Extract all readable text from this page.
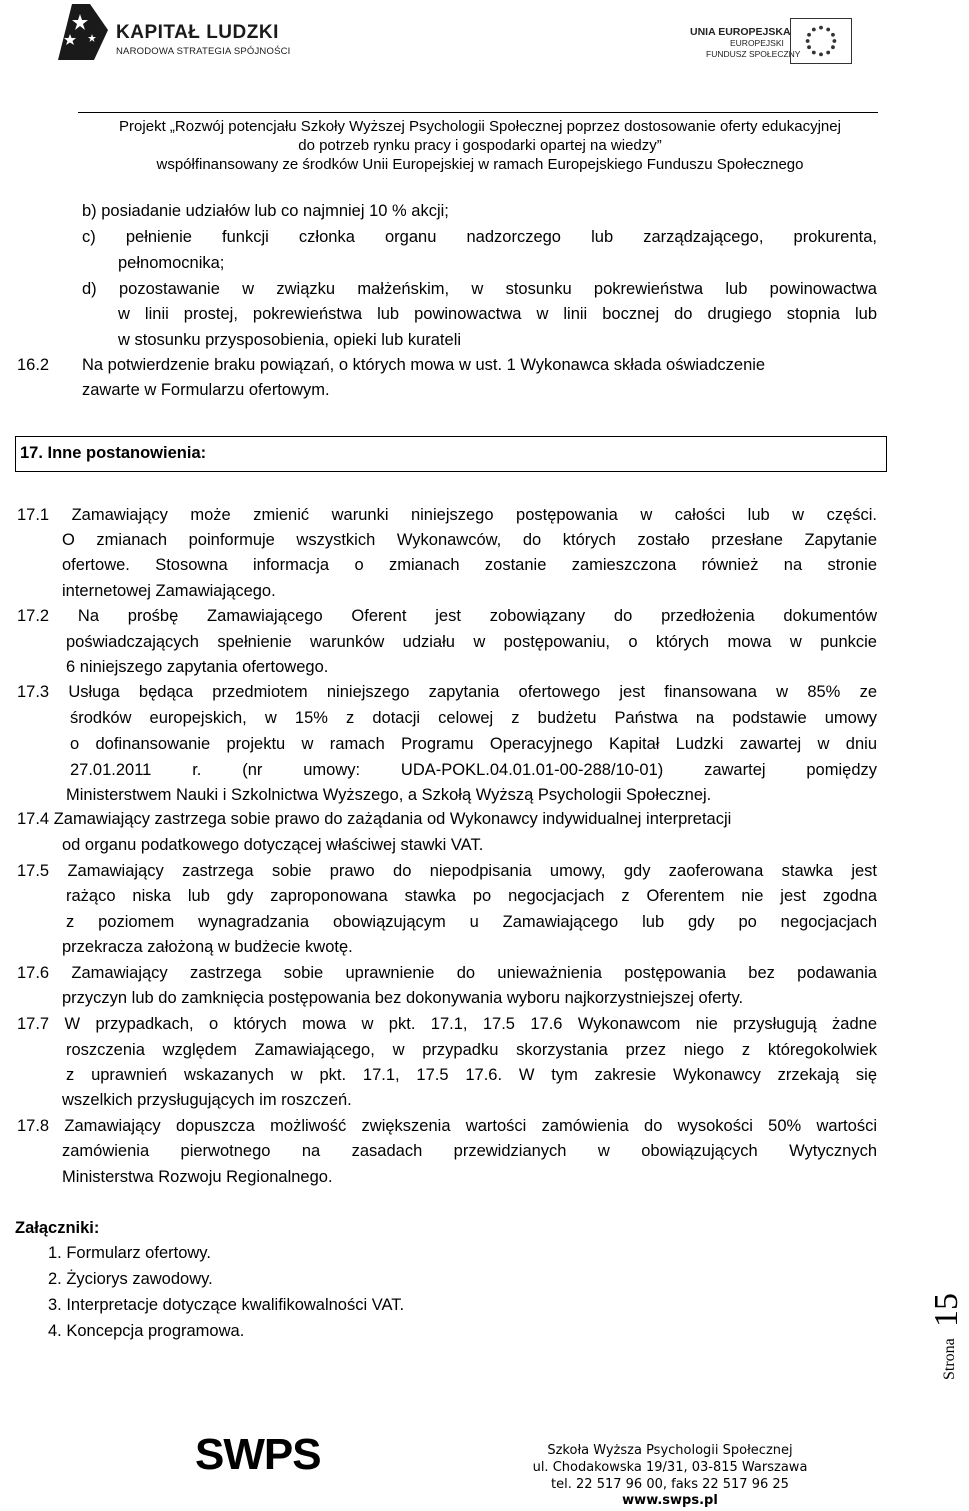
KAPITAŁ LUDZKI
NARODOWA STRATEGIA SPÓJNOŚCI
UNIA EUROPEJSKA
EUROPEJSKI
FUNDUSZ SPOŁECZNY
Projekt „Rozwój potencjału Szkoły Wyższej Psychologii Społecznej poprzez dostosowanie oferty edukacyjnej
do potrzeb rynku pracy i gospodarki opartej na wiedzy”
współfinansowany ze środków Unii Europejskiej w ramach Europejskiego Funduszu Społecznego
b) posiadanie udziałów lub co najmniej 10 % akcji;
c) pełnienie funkcji członka organu nadzorczego lub zarządzającego, prokurenta,
pełnomocnika;
d) pozostawanie w związku małżeńskim, w stosunku pokrewieństwa lub powinowactwa
w linii prostej, pokrewieństwa lub powinowactwa w linii bocznej do drugiego stopnia lub
w stosunku przysposobienia, opieki lub kurateli
16.2 Na potwierdzenie braku powiązań, o których mowa w ust. 1 Wykonawca składa oświadczenie
zawarte w Formularzu ofertowym.
17. Inne postanowienia:
17.1 Zamawiający może zmienić warunki niniejszego postępowania w całości lub w części.
O zmianach poinformuje wszystkich Wykonawców, do których zostało przesłane Zapytanie
ofertowe. Stosowna informacja o zmianach zostanie zamieszczona również na stronie
internetowej Zamawiającego.
17.2 Na prośbę Zamawiającego Oferent jest zobowiązany do przedłożenia dokumentów
poświadczających spełnienie warunków udziału w postępowaniu, o których mowa w punkcie
6 niniejszego zapytania ofertowego.
17.3 Usługa będąca przedmiotem niniejszego zapytania ofertowego jest finansowana w 85% ze
środków europejskich, w 15% z dotacji celowej z budżetu Państwa na podstawie umowy
o dofinansowanie projektu w ramach Programu Operacyjnego Kapitał Ludzki zawartej w dniu
27.01.2011 r. (nr umowy: UDA-POKL.04.01.01-00-288/10-01) zawartej pomiędzy
Ministerstwem Nauki i Szkolnictwa Wyższego, a Szkołą Wyższą Psychologii Społecznej.
17.4 Zamawiający zastrzega sobie prawo do zażądania od Wykonawcy indywidualnej interpretacji
od organu podatkowego dotyczącej właściwej stawki VAT.
17.5 Zamawiający zastrzega sobie prawo do niepodpisania umowy, gdy zaoferowana stawka jest
rażąco niska lub gdy zaproponowana stawka po negocjacjach z Oferentem nie jest zgodna
z poziomem wynagradzania obowiązującym u Zamawiającego lub gdy po negocjacjach
przekracza założoną w budżecie kwotę.
17.6 Zamawiający zastrzega sobie uprawnienie do unieważnienia postępowania bez podawania
przyczyn lub do zamknięcia postępowania bez dokonywania wyboru najkorzystniejszej oferty.
17.7 W przypadkach, o których mowa w pkt. 17.1, 17.5 17.6 Wykonawcom nie przysługują żadne
roszczenia względem Zamawiającego, w przypadku skorzystania przez niego z któregokolwiek
z uprawnień wskazanych w pkt. 17.1, 17.5 17.6. W tym zakresie Wykonawcy zrzekają się
wszelkich przysługujących im roszczeń.
17.8 Zamawiający dopuszcza możliwość zwiększenia wartości zamówienia do wysokości 50% wartości
zamówienia pierwotnego na zasadach przewidzianych w obowiązujących Wytycznych
Ministerstwa Rozwoju Regionalnego.
Załączniki:
1. Formularz ofertowy.
2. Życiorys zawodowy.
3. Interpretacje dotyczące kwalifikowalności VAT.
4. Koncepcja programowa.
Strona
15
SWPS	Szkoła Wyższa Psychologii Społecznej
ul. Chodakowska 19/31, 03-815 Warszawa
tel. 22 517 96 00, faks 22 517 96 25
www.swps.pl
